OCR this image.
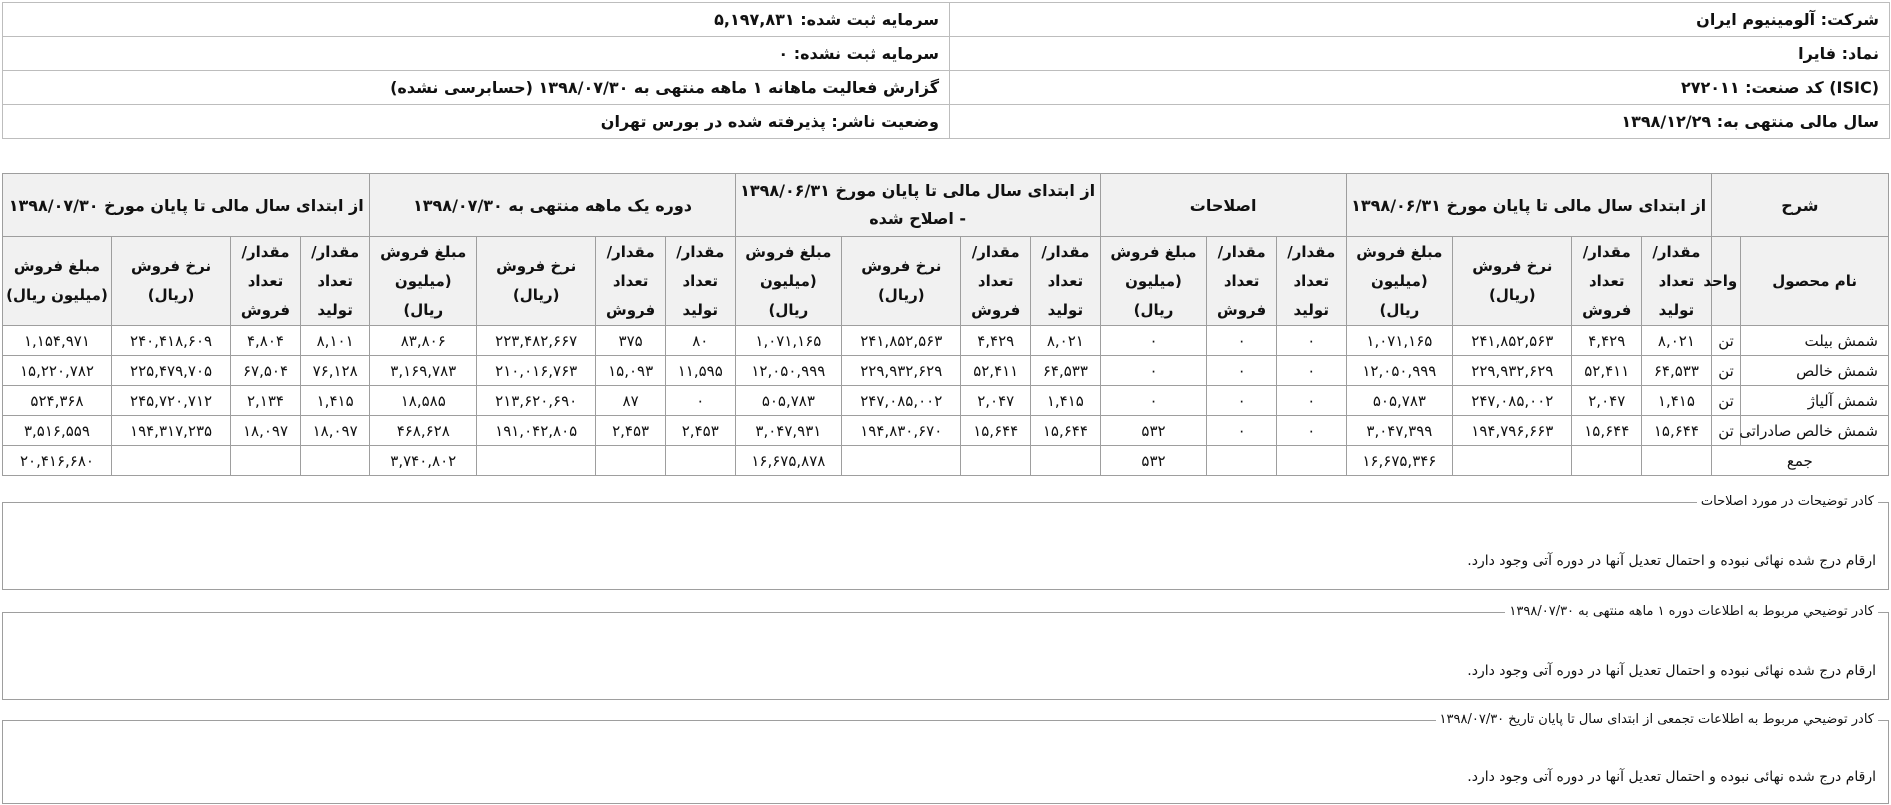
شرکت: آلومینیوم ایران	سرمایه ثبت شده: ۵,۱۹۷,۸۳۱
نماد: فایرا	سرمایه ثبت نشده: ۰
(ISIC) کد صنعت: ۲۷۲۰۱۱	گزارش فعالیت ماهانه ۱ ماهه منتهی به ۱۳۹۸/۰۷/۳۰ (حسابرسی نشده)
سال مالی منتهی به: ۱۳۹۸/۱۲/۲۹	وضعیت ناشر: پذیرفته شده در بورس تهران
شرح		از ابتدای سال مالی تا پایان مورخ ۱۳۹۸/۰۶/۳۱				اصلاحات			از ابتدای سال مالی تا پایان مورخ ۱۳۹۸/۰۶/۳۱ - اصلاح شده				دوره یک ماهه منتهی به ۱۳۹۸/۰۷/۳۰				از ابتدای سال مالی تا پایان مورخ ۱۳۹۸/۰۷/۳۰			
نام محصول	واحد	مقدار/تعداد تولید	مقدار/تعداد فروش	نرخ فروش (ریال)	مبلغ فروش (میلیون ریال)	مقدار/تعداد تولید	مقدار/تعداد فروش	مبلغ فروش (میلیون ریال)	مقدار/تعداد تولید	مقدار/تعداد فروش	نرخ فروش (ریال)	مبلغ فروش (میلیون ریال)	مقدار/تعداد تولید	مقدار/تعداد فروش	نرخ فروش (ریال)	مبلغ فروش (میلیون ریال)	مقدار/تعداد تولید	مقدار/تعداد فروش	نرخ فروش (ریال)	مبلغ فروش (میلیون ریال)
شمش بیلت	تن	۸,۰۲۱	۴,۴۲۹	۲۴۱,۸۵۲,۵۶۳	۱,۰۷۱,۱۶۵	۰	۰	۰	۸,۰۲۱	۴,۴۲۹	۲۴۱,۸۵۲,۵۶۳	۱,۰۷۱,۱۶۵	۸۰	۳۷۵	۲۲۳,۴۸۲,۶۶۷	۸۳,۸۰۶	۸,۱۰۱	۴,۸۰۴	۲۴۰,۴۱۸,۶۰۹	۱,۱۵۴,۹۷۱
شمش خالص	تن	۶۴,۵۳۳	۵۲,۴۱۱	۲۲۹,۹۳۲,۶۲۹	۱۲,۰۵۰,۹۹۹	۰	۰	۰	۶۴,۵۳۳	۵۲,۴۱۱	۲۲۹,۹۳۲,۶۲۹	۱۲,۰۵۰,۹۹۹	۱۱,۵۹۵	۱۵,۰۹۳	۲۱۰,۰۱۶,۷۶۳	۳,۱۶۹,۷۸۳	۷۶,۱۲۸	۶۷,۵۰۴	۲۲۵,۴۷۹,۷۰۵	۱۵,۲۲۰,۷۸۲
شمش آلیاژ	تن	۱,۴۱۵	۲,۰۴۷	۲۴۷,۰۸۵,۰۰۲	۵۰۵,۷۸۳	۰	۰	۰	۱,۴۱۵	۲,۰۴۷	۲۴۷,۰۸۵,۰۰۲	۵۰۵,۷۸۳	۰	۸۷	۲۱۳,۶۲۰,۶۹۰	۱۸,۵۸۵	۱,۴۱۵	۲,۱۳۴	۲۴۵,۷۲۰,۷۱۲	۵۲۴,۳۶۸
شمش خالص صادراتی	تن	۱۵,۶۴۴	۱۵,۶۴۴	۱۹۴,۷۹۶,۶۶۳	۳,۰۴۷,۳۹۹	۰	۰	۵۳۲	۱۵,۶۴۴	۱۵,۶۴۴	۱۹۴,۸۳۰,۶۷۰	۳,۰۴۷,۹۳۱	۲,۴۵۳	۲,۴۵۳	۱۹۱,۰۴۲,۸۰۵	۴۶۸,۶۲۸	۱۸,۰۹۷	۱۸,۰۹۷	۱۹۴,۳۱۷,۲۳۵	۳,۵۱۶,۵۵۹
جمع					۱۶,۶۷۵,۳۴۶			۵۳۲				۱۶,۶۷۵,۸۷۸				۳,۷۴۰,۸۰۲				۲۰,۴۱۶,۶۸۰
کادر توضیحات در مورد اصلاحات
ارقام درج شده نهائی نبوده و احتمال تعدیل آنها در دوره آتی وجود دارد.
کادر توضیحي مربوط به اطلاعات دوره ۱ ماهه منتهی به ۱۳۹۸/۰۷/۳۰
ارقام درج شده نهائی نبوده و احتمال تعدیل آنها در دوره آتی وجود دارد.
کادر توضیحي مربوط به اطلاعات تجمعی از ابتدای سال تا پایان تاریخ ۱۳۹۸/۰۷/۳۰
ارقام درج شده نهائی نبوده و احتمال تعدیل آنها در دوره آتی وجود دارد.
